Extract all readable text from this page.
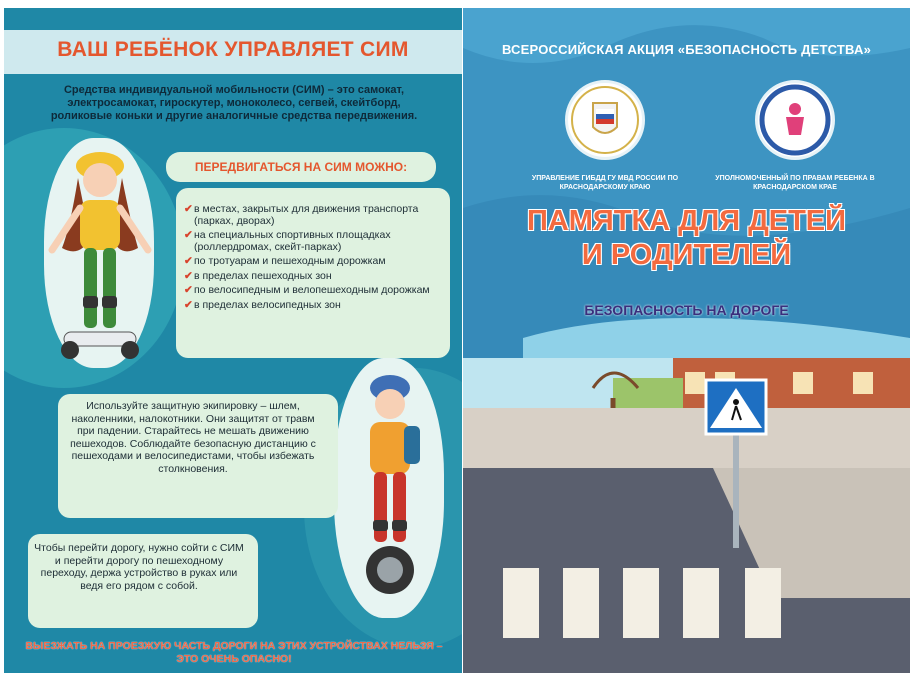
ВАШ РЕБЁНОК УПРАВЛЯЕТ СИМ
Средства индивидуальной мобильности (СИМ) – это самокат, электросамокат, гироскутер, моноколесо, сегвей, скейтборд, роликовые коньки и другие аналогичные средства передвижения.
ПЕРЕДВИГАТЬСЯ НА СИМ МОЖНО:
✔ в местах, закрытых для движения транспорта (парках, дворах)
✔ на специальных спортивных площадках (роллердромах, скейт-парках)
✔ по тротуарам и пешеходным дорожкам
✔ в пределах пешеходных зон
✔ по велосипедным и велопешеходным дорожкам
✔ в пределах велосипедных зон
Используйте защитную экипировку – шлем, наколенники, налокотники. Они защитят от травм при падении. Старайтесь не мешать движению пешеходов. Соблюдайте безопасную дистанцию с пешеходами и велосипедистами, чтобы избежать столкновения.
Чтобы перейти дорогу, нужно сойти с СИМ и перейти дорогу по пешеходному переходу, держа устройство в руках или ведя его рядом с собой.
ВЫЕЗЖАТЬ НА ПРОЕЗЖУЮ ЧАСТЬ ДОРОГИ НА ЭТИХ УСТРОЙСТВАХ НЕЛЬЗЯ – ЭТО ОЧЕНЬ ОПАСНО!
ВСЕРОССИЙСКАЯ АКЦИЯ «БЕЗОПАСНОСТЬ ДЕТСТВА»
УПРАВЛЕНИЕ ГИБДД ГУ МВД РОССИИ ПО КРАСНОДАРСКОМУ КРАЮ
УПОЛНОМОЧЕННЫЙ ПО ПРАВАМ РЕБЕНКА В КРАСНОДАРСКОМ КРАЕ
ПАМЯТКА ДЛЯ ДЕТЕЙ
И РОДИТЕЛЕЙ
БЕЗОПАСНОСТЬ НА ДОРОГЕ
